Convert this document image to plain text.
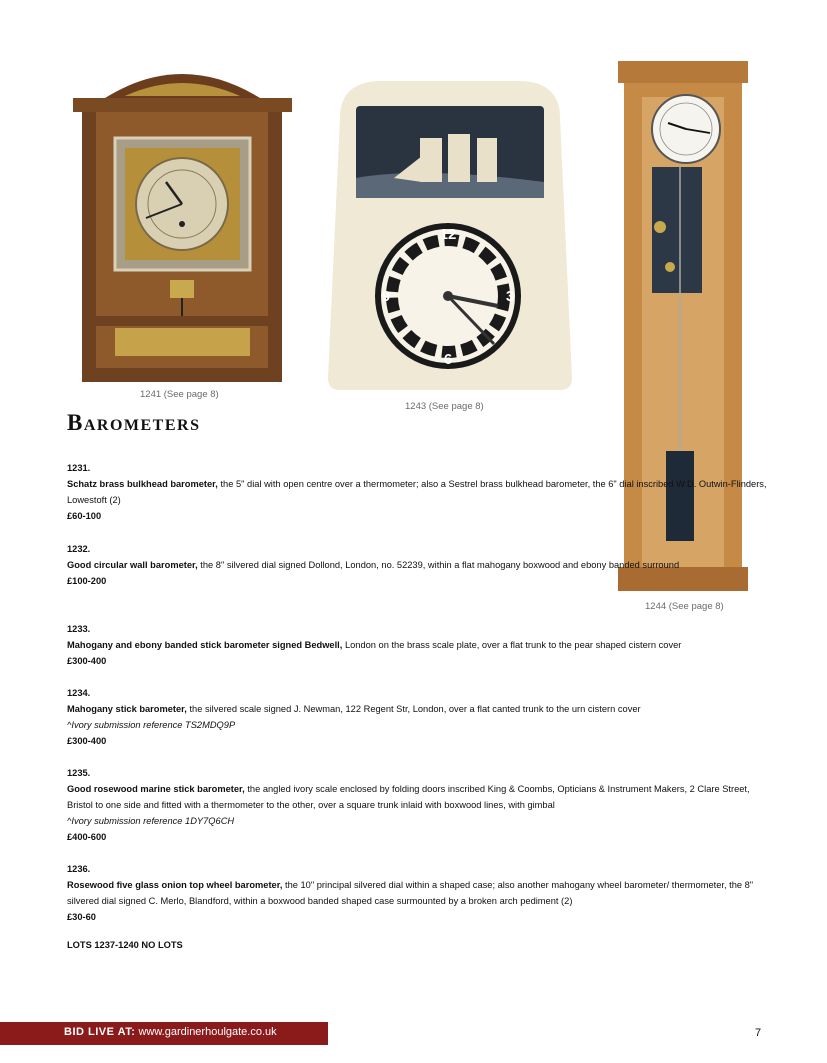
1241 (See page 8)
12
3
6
9
1243 (See page 8)
1244 (See page 8)
Barometers
1231.
Schatz brass bulkhead barometer, the 5" dial with open centre over a thermometer; also a Sestrel brass bulkhead barometer, the 6" dial inscribed W.D. Outwin-Flinders, Lowestoft (2)
£60-100
1232.
Good circular wall barometer, the 8" silvered dial signed Dollond, London, no. 52239, within a flat mahogany boxwood and ebony banded surround
£100-200
1233.
Mahogany and ebony banded stick barometer signed Bedwell, London on the brass scale plate, over a flat trunk to the pear shaped cistern cover
£300-400
1234.
Mahogany stick barometer, the silvered scale signed J. Newman, 122 Regent Str, London, over a flat canted trunk to the urn cistern cover
^Ivory submission reference TS2MDQ9P
£300-400
1235.
Good rosewood marine stick barometer, the angled ivory scale enclosed by folding doors inscribed King & Coombs, Opticians & Instrument Makers, 2 Clare Street, Bristol to one side and fitted with a thermometer to the other, over a square trunk inlaid with boxwood lines, with gimbal
^Ivory submission reference 1DY7Q6CH
£400-600
1236.
Rosewood five glass onion top wheel barometer, the 10" principal silvered dial within a shaped case; also another mahogany wheel barometer/ thermometer, the 8" silvered dial signed C. Merlo, Blandford, within a boxwood banded shaped case surmounted by a broken arch pediment (2)
£30-60
LOTS 1237-1240 NO LOTS
BID LIVE AT: www.gardinerhoulgate.co.uk	7
